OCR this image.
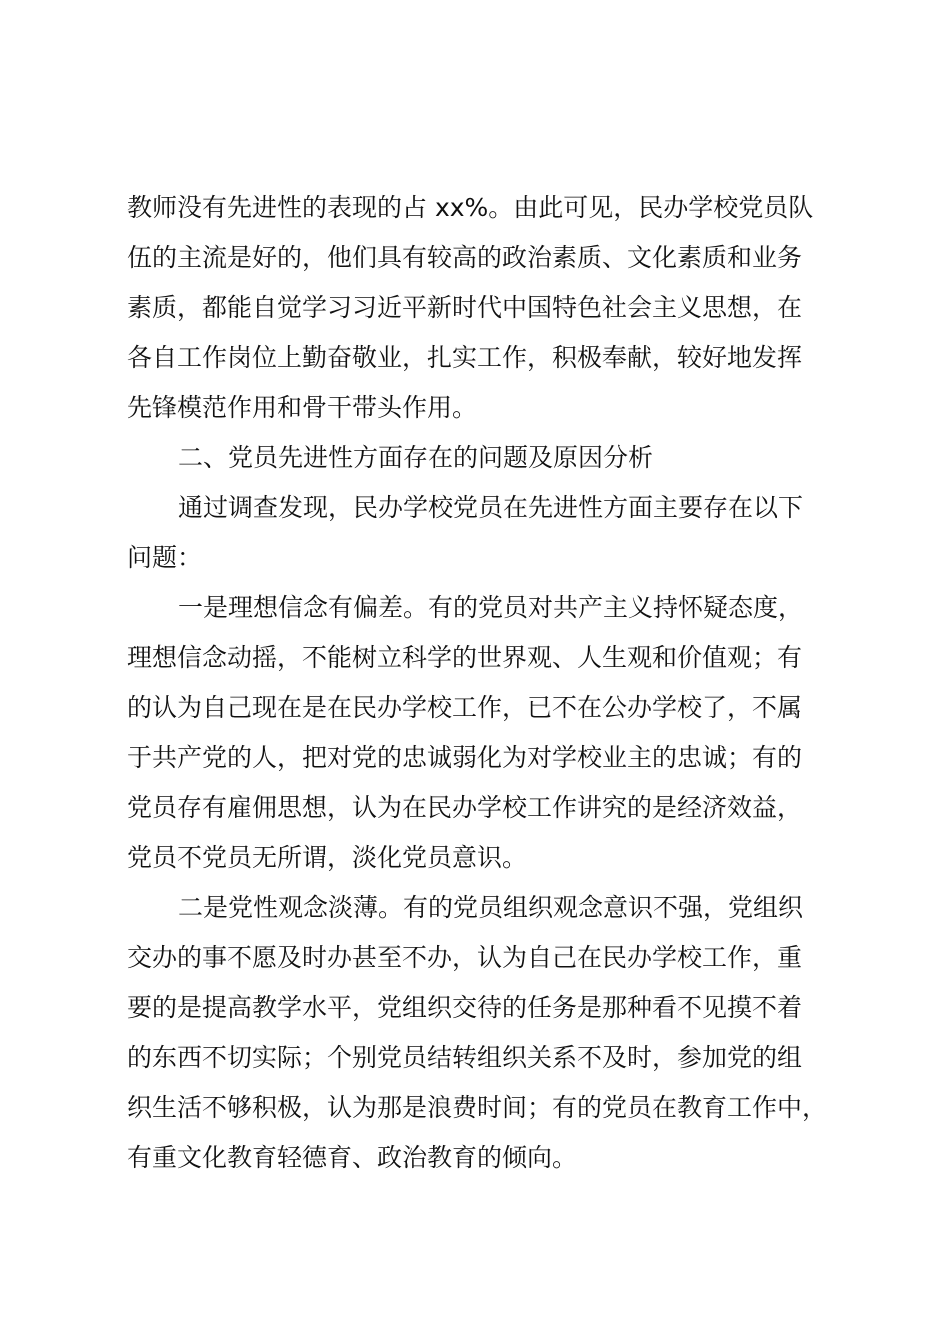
教师没有先进性的表现的占 xx%。由此可见，民办学校党员队
伍的主流是好的，他们具有较高的政治素质、文化素质和业务
素质，都能自觉学习习近平新时代中国特色社会主义思想，在
各自工作岗位上勤奋敬业，扎实工作，积极奉献，较好地发挥
先锋模范作用和骨干带头作用。
二、党员先进性方面存在的问题及原因分析
通过调查发现，民办学校党员在先进性方面主要存在以下
问题：
一是理想信念有偏差。有的党员对共产主义持怀疑态度，
理想信念动摇，不能树立科学的世界观、人生观和价值观；有
的认为自己现在是在民办学校工作，已不在公办学校了，不属
于共产党的人，把对党的忠诚弱化为对学校业主的忠诚；有的
党员存有雇佣思想，认为在民办学校工作讲究的是经济效益，
党员不党员无所谓，淡化党员意识。
二是党性观念淡薄。有的党员组织观念意识不强，党组织
交办的事不愿及时办甚至不办，认为自己在民办学校工作，重
要的是提高教学水平，党组织交待的任务是那种看不见摸不着
的东西不切实际；个别党员结转组织关系不及时，参加党的组
织生活不够积极，认为那是浪费时间；有的党员在教育工作中，
有重文化教育轻德育、政治教育的倾向。
